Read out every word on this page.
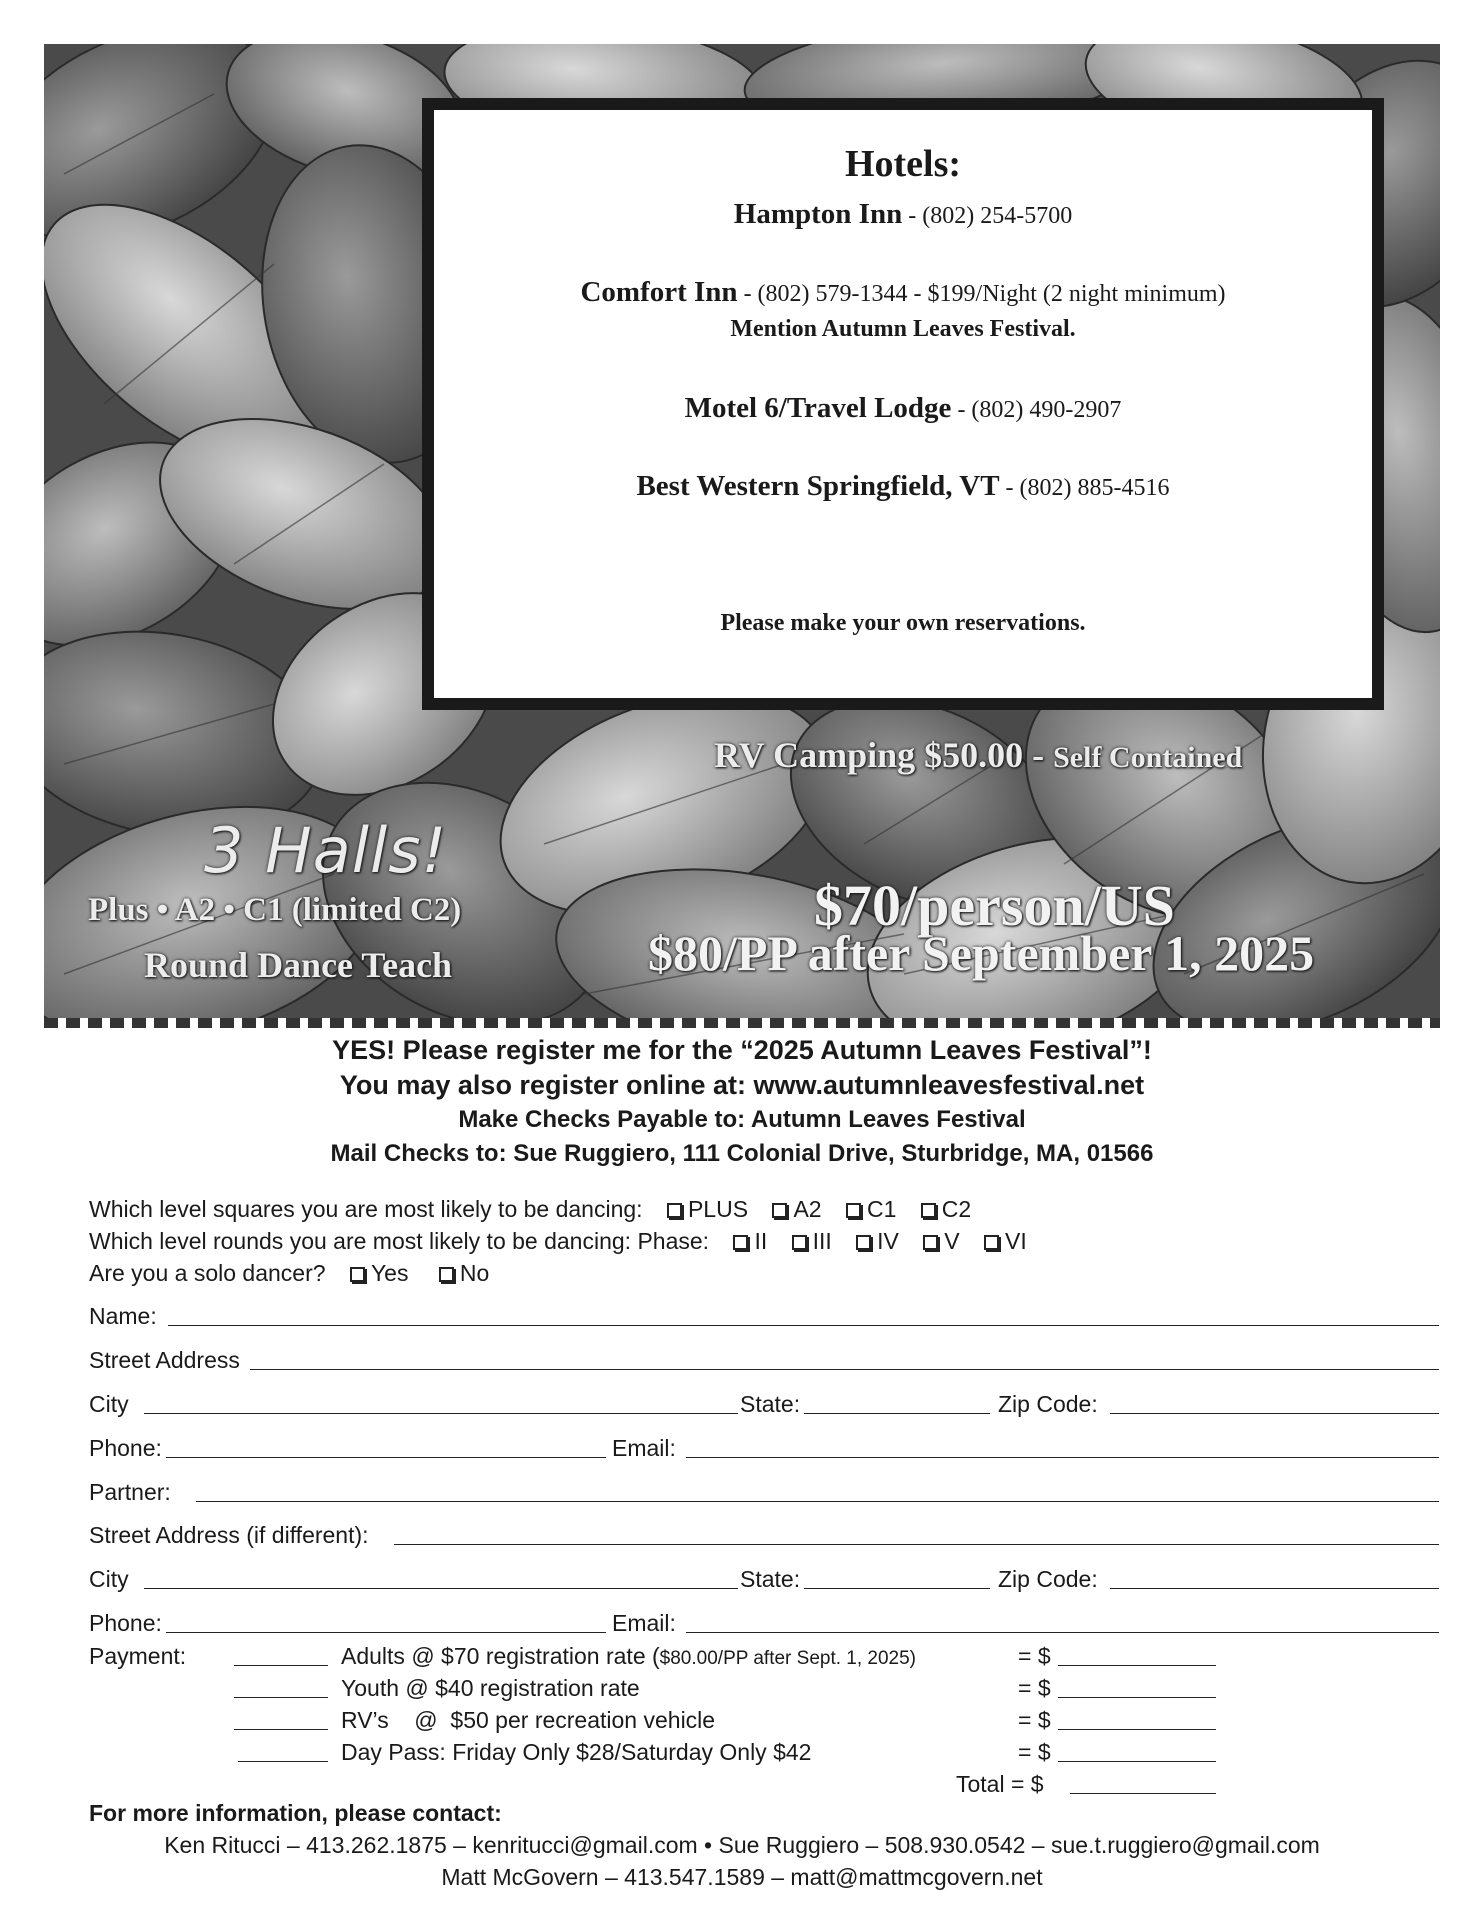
RV Camping $50.00 - Self Contained
3 Halls!
Plus • A2 • C1 (limited C2)
Round Dance Teach
$70/person/US
$80/PP after September 1, 2025
Hotels:
Hampton Inn - (802) 254-5700
Comfort Inn - (802) 579-1344 - $199/Night (2 night minimum)
Mention Autumn Leaves Festival.
Motel 6/Travel Lodge - (802) 490-2907
Best Western Springfield, VT - (802) 885-4516
Please make your own reservations.
YES! Please register me for the “2025 Autumn Leaves Festival”!
You may also register online at: www.autumnleavesfestival.net
Make Checks Payable to: Autumn Leaves Festival
Mail Checks to: Sue Ruggiero, 111 Colonial Drive, Sturbridge, MA, 01566
Which level squares you are most likely to be dancing: PLUS A2 C1 C2
Which level rounds you are most likely to be dancing: Phase: II III IV V VI
Are you a solo dancer? Yes No
Name:
Street Address
City	State:	Zip Code:
Phone:	Email:
Partner:
Street Address (if different):
City	State:	Zip Code:
Phone:	Email:
Payment:	Adults @ $70 registration rate ($80.00/PP after Sept. 1, 2025)	= $
Youth @ $40 registration rate	= $
RV’s    @  $50 per recreation vehicle	= $
Day Pass: Friday Only $28/Saturday Only $42	= $
Total = $
For more information, please contact:
Ken Ritucci – 413.262.1875 – kenritucci@gmail.com • Sue Ruggiero – 508.930.0542 – sue.t.ruggiero@gmail.com
Matt McGovern – 413.547.1589 – matt@mattmcgovern.net
